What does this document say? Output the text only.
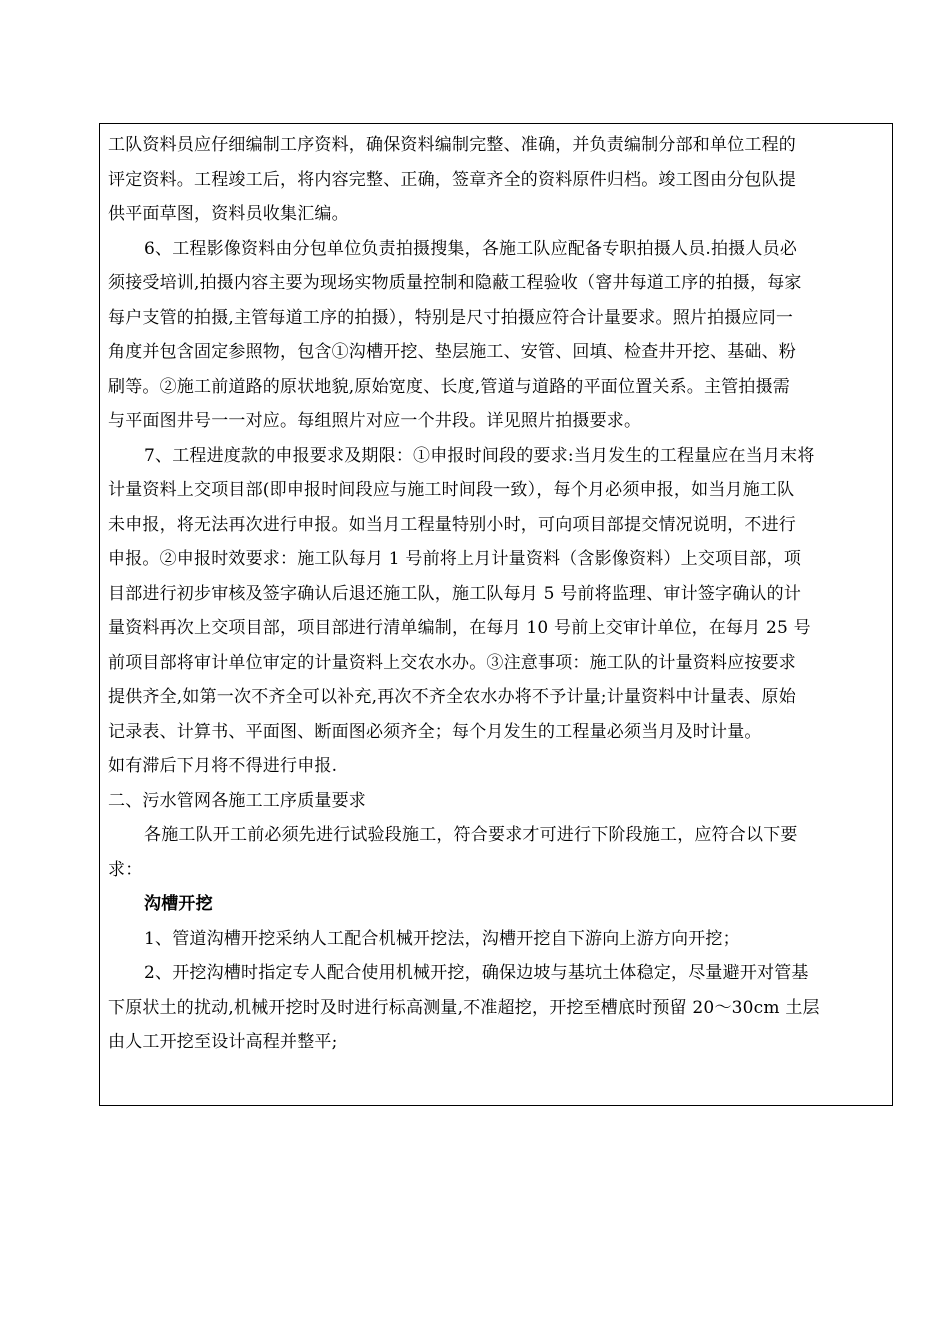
工队资料员应仔细编制工序资料，确保资料编制完整、准确，并负责编制分部和单位工程的
评定资料。工程竣工后，将内容完整、正确，签章齐全的资料原件归档。竣工图由分包队提
供平面草图，资料员收集汇编。
6、工程影像资料由分包单位负责拍摄搜集，各施工队应配备专职拍摄人员.拍摄人员必
须接受培训,拍摄内容主要为现场实物质量控制和隐蔽工程验收（窨井每道工序的拍摄，每家
每户支管的拍摄,主管每道工序的拍摄），特别是尺寸拍摄应符合计量要求。照片拍摄应同一
角度并包含固定参照物，包含①沟槽开挖、垫层施工、安管、回填、检查井开挖、基础、粉
刷等。②施工前道路的原状地貌,原始宽度、长度,管道与道路的平面位置关系。主管拍摄需
与平面图井号一一对应。每组照片对应一个井段。详见照片拍摄要求。
7、工程进度款的申报要求及期限：①申报时间段的要求:当月发生的工程量应在当月末将
计量资料上交项目部(即申报时间段应与施工时间段一致），每个月必须申报，如当月施工队
未申报，将无法再次进行申报。如当月工程量特别小时，可向项目部提交情况说明，不进行
申报。②申报时效要求：施工队每月 1 号前将上月计量资料（含影像资料）上交项目部，项
目部进行初步审核及签字确认后退还施工队，施工队每月 5 号前将监理、审计签字确认的计
量资料再次上交项目部，项目部进行清单编制，在每月 10 号前上交审计单位，在每月 25 号
前项目部将审计单位审定的计量资料上交农水办。③注意事项：施工队的计量资料应按要求
提供齐全,如第一次不齐全可以补充,再次不齐全农水办将不予计量;计量资料中计量表、原始
记录表、计算书、平面图、断面图必须齐全；每个月发生的工程量必须当月及时计量。
如有滞后下月将不得进行申报.
二、污水管网各施工工序质量要求
各施工队开工前必须先进行试验段施工，符合要求才可进行下阶段施工，应符合以下要
求：
沟槽开挖
1、管道沟槽开挖采纳人工配合机械开挖法，沟槽开挖自下游向上游方向开挖；
2、开挖沟槽时指定专人配合使用机械开挖，确保边坡与基坑土体稳定，尽量避开对管基
下原状土的扰动,机械开挖时及时进行标高测量,不准超挖，开挖至槽底时预留 20～30cm 土层
由人工开挖至设计高程并整平;
